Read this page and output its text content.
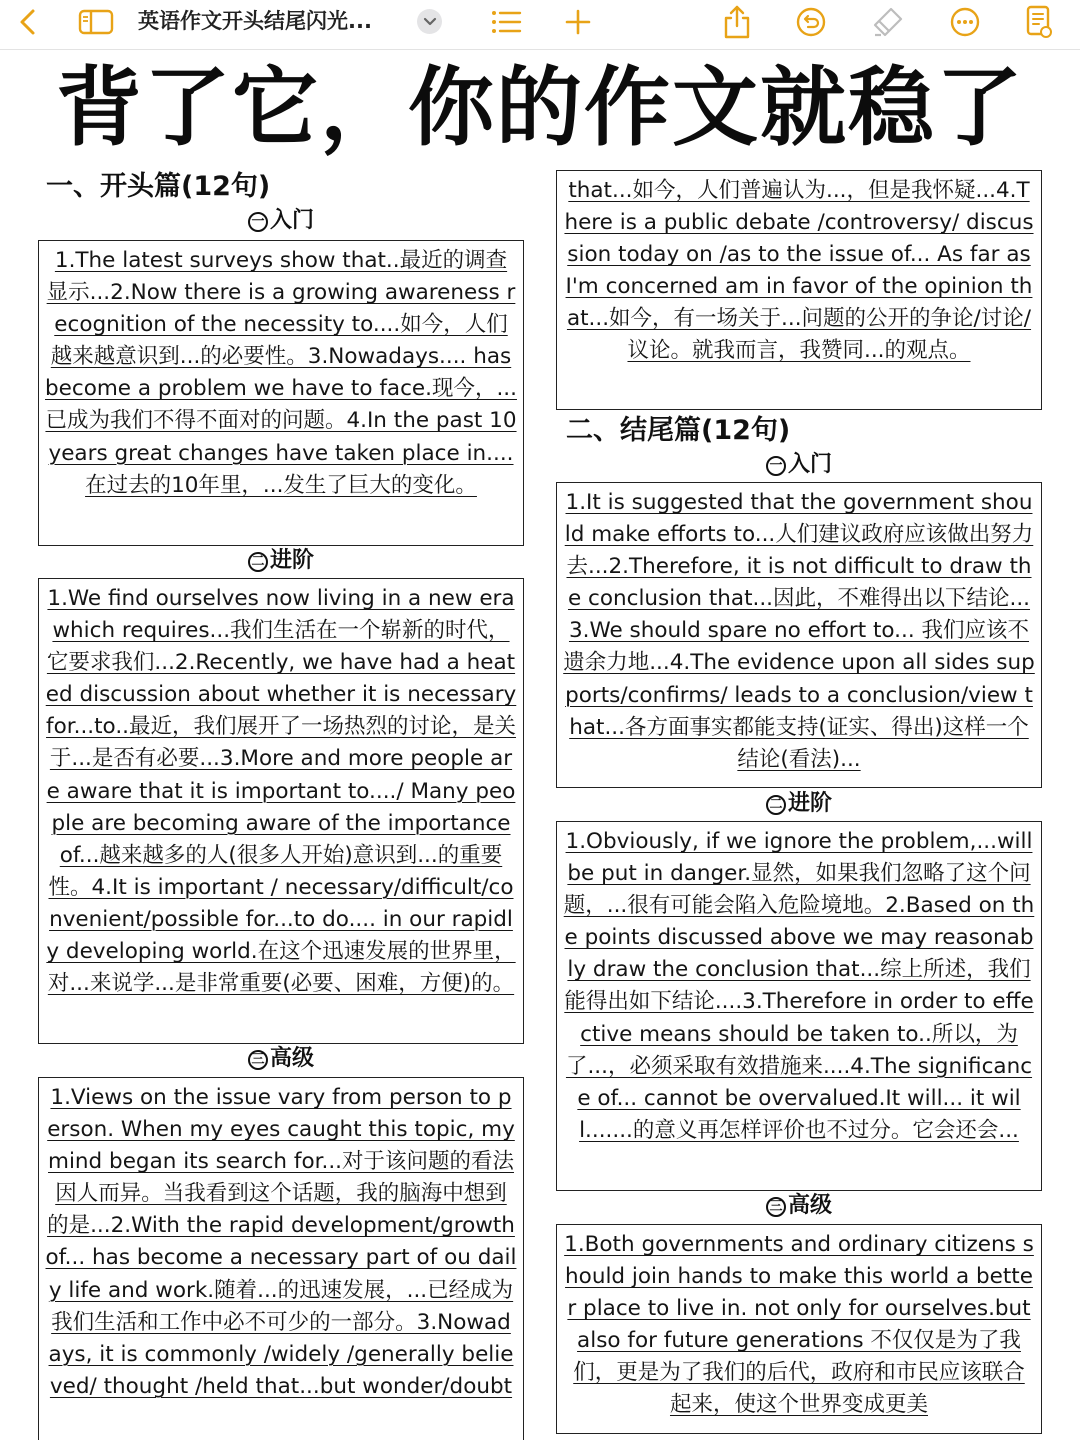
英语作文开头结尾闪光...
背了它，你的作文就稳了
一、开头篇(12句)
一 入门
1.The latest surveys show that..最近的调查显示...2.Now there is a growing awareness recognition of the necessity to....如今，人们越来越意识到...的必要性。3.Nowadays.... has become a problem we have to face.现今，...已成为我们不得不面对的问题。4.In the past 10 years great changes have taken place in....在过去的10年里，...发生了巨大的变化。
二 进阶
1.We find ourselves now living in a new era which requires...我们生活在一个崭新的时代，它要求我们...2.Recently, we have had a heated discussion about whether it is necessary for...to..最近，我们展开了一场热烈的讨论，是关于...是否有必要...3.More and more people are aware that it is important to..../ Many people are becoming aware of the importance of...越来越多的人(很多人开始)意识到...的重要性。4.It is important / necessary/difficult/convenient/possible for...to do.... in our rapidly developing world.在这个迅速发展的世界里，对...来说学...是非常重要(必要、困难，方便)的。
三 高级
1.Views on the issue vary from person to person. When my eyes caught this topic, my mind began its search for...对于该问题的看法因人而异。当我看到这个话题，我的脑海中想到的是...2.With the rapid development/growth of... has become a necessary part of ou daily life and work.随着...的迅速发展，...已经成为我们生活和工作中必不可少的一部分。3.Nowadays, it is commonly /widely /generally believed/ thought /held that...but wonder/doubt
that...如今，人们普遍认为...，但是我怀疑...4.There is a public debate /controversy/ discussion today on /as to the issue of... As far as I'm concerned am in favor of the opinion that...如今，有一场关于...问题的公开的争论/讨论/议论。就我而言，我赞同...的观点。
二、结尾篇(12句)
一 入门
1.It is suggested that the government should make efforts to...人们建议政府应该做出努力去...2.Therefore, it is not difficult to draw the conclusion that...因此，不难得出以下结论...3.We should spare no effort to... 我们应该不遗余力地...4.The evidence upon all sides supports/confirms/ leads to a conclusion/view that...各方面事实都能支持(证实、得出)这样一个结论(看法)...
二 进阶
1.Obviously, if we ignore the problem,...will be put in danger.显然，如果我们忽略了这个问题，...很有可能会陷入危险境地。2.Based on the points discussed above we may reasonably draw the conclusion that...综上所述，我们能得出如下结论....3.Therefore in order to effective means should be taken to..所以，为了...，必须采取有效措施来....4.The significance of... cannot be overvalued.It will... it will.......的意义再怎样评价也不过分。它会还会...
三 高级
1.Both governments and ordinary citizens should join hands to make this world a better place to live in. not only for ourselves.but also for future generations 不仅仅是为了我们，更是为了我们的后代，政府和市民应该联合起来，使这个世界变成更美
